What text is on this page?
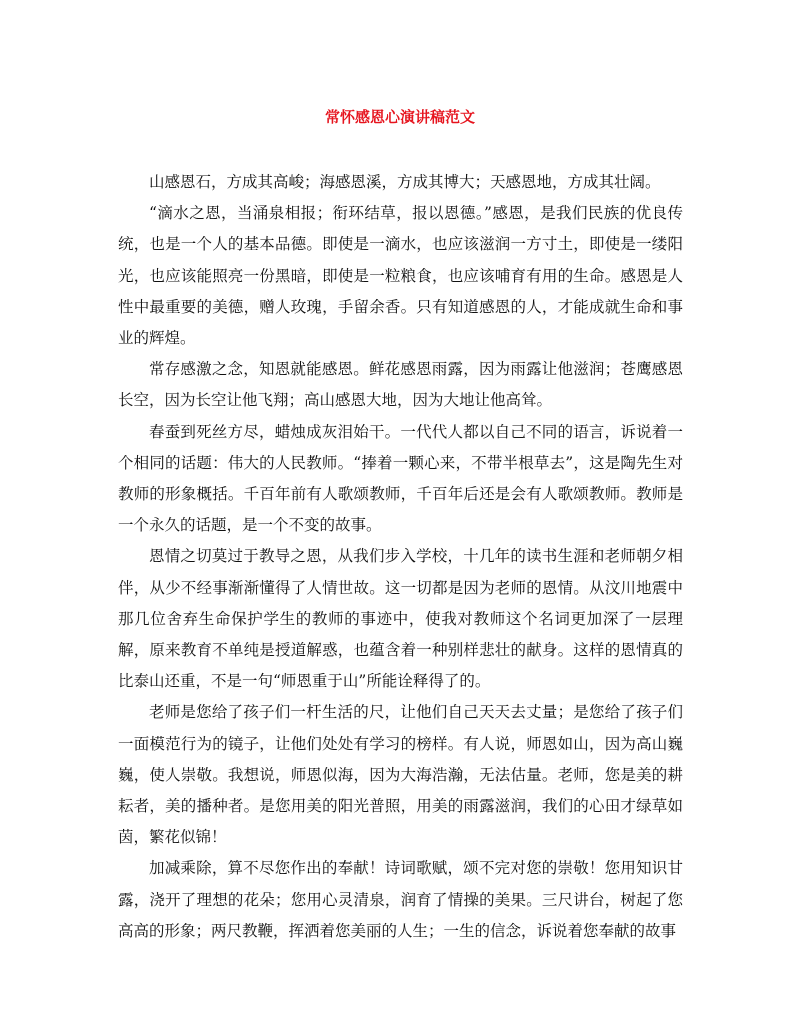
常怀感恩心演讲稿范文

山感恩石，方成其高峻；海感恩溪，方成其博大；天感恩地，方成其壮阔。

“滴水之恩，当涌泉相报；衔环结草，报以恩德。”感恩，是我们民族的优良传统，也是一个人的基本品德。即使是一滴水，也应该滋润一方寸土，即使是一缕阳光，也应该能照亮一份黑暗，即使是一粒粮食，也应该哺育有用的生命。感恩是人性中最重要的美德，赠人玫瑰，手留余香。只有知道感恩的人，才能成就生命和事业的辉煌。

常存感激之念，知恩就能感恩。鲜花感恩雨露，因为雨露让他滋润；苍鹰感恩长空，因为长空让他飞翔；高山感恩大地，因为大地让他高耸。

春蚕到死丝方尽，蜡烛成灰泪始干。一代代人都以自己不同的语言，诉说着一个相同的话题：伟大的人民教师。“捧着一颗心来，不带半根草去”，这是陶先生对教师的形象概括。千百年前有人歌颂教师，千百年后还是会有人歌颂教师。教师是一个永久的话题，是一个不变的故事。

恩情之切莫过于教导之恩，从我们步入学校，十几年的读书生涯和老师朝夕相伴，从少不经事渐渐懂得了人情世故。这一切都是因为老师的恩情。从汶川地震中那几位舍弃生命保护学生的教师的事迹中，使我对教师这个名词更加深了一层理解，原来教育不单纯是授道解惑，也蕴含着一种别样悲壮的献身。这样的恩情真的比泰山还重，不是一句“师恩重于山”所能诠释得了的。

老师是您给了孩子们一杆生活的尺，让他们自己天天去丈量；是您给了孩子们一面模范行为的镜子，让他们处处有学习的榜样。有人说，师恩如山，因为高山巍巍，使人崇敬。我想说，师恩似海，因为大海浩瀚，无法估量。老师，您是美的耕耘者，美的播种者。是您用美的阳光普照，用美的雨露滋润，我们的心田才绿草如茵，繁花似锦！

加减乘除，算不尽您作出的奉献！诗词歌赋，颂不完对您的崇敬！您用知识甘露，浇开了理想的花朵；您用心灵清泉，润育了情操的美果。三尺讲台，树起了您高高的形象；两尺教鞭，挥洒着您美丽的人生；一生的信念，诉说着您奉献的故事
